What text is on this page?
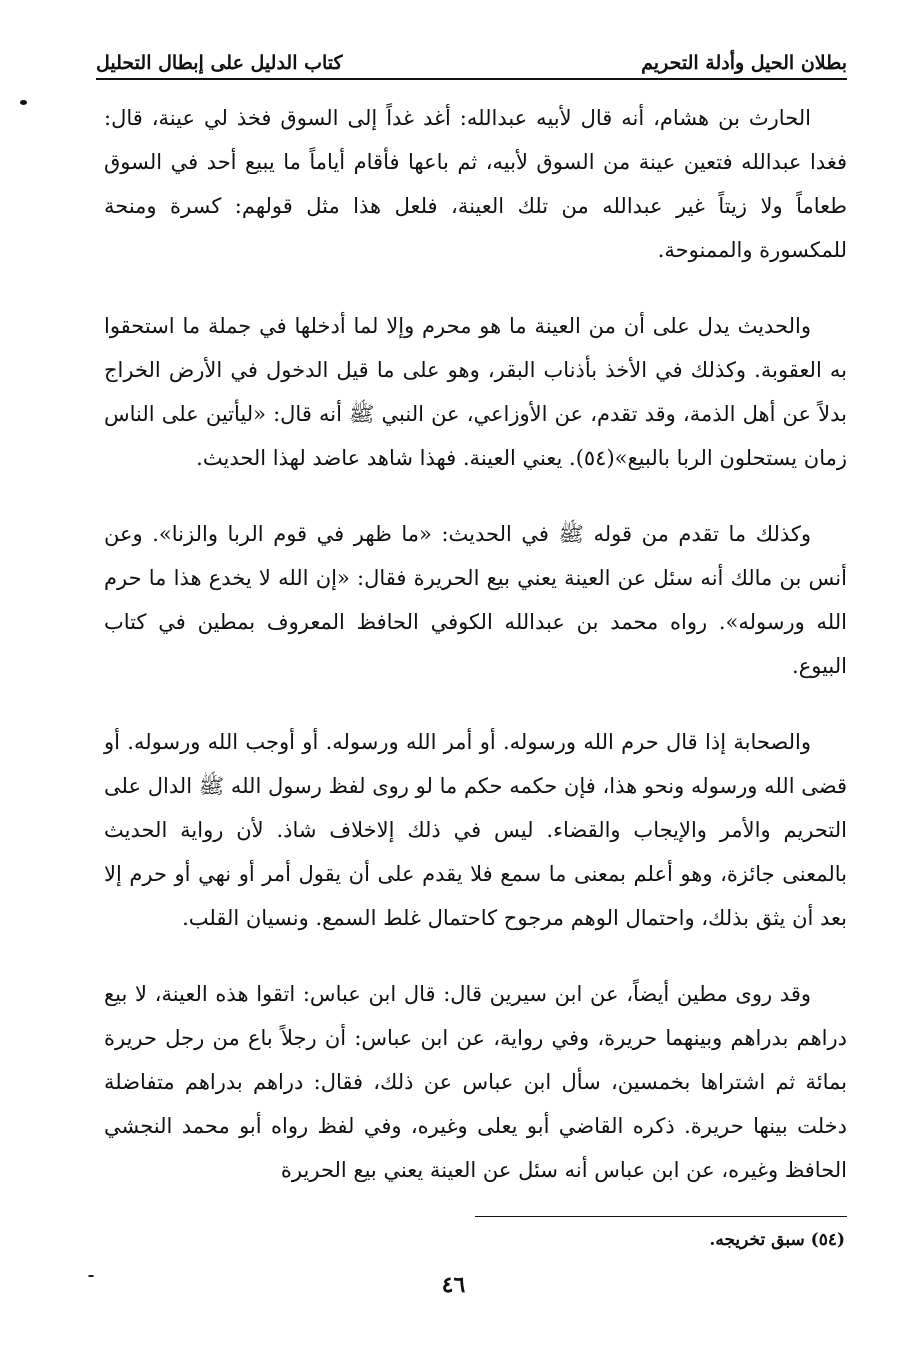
بطلان الحيل وأدلة التحريم
كتاب الدليل على إبطال التحليل

الحارث بن هشام، أنه قال لأبيه عبدالله: أغد غداً إلى السوق فخذ لي عينة، قال: فغدا عبدالله فتعين عينة من السوق لأبيه، ثم باعها فأقام أياماً ما يبيع أحد في السوق طعاماً ولا زيتاً غير عبدالله من تلك العينة، فلعل هذا مثل قولهم: كسرة ومنحة للمكسورة والممنوحة.

والحديث يدل على أن من العينة ما هو محرم وإلا لما أدخلها في جملة ما استحقوا به العقوبة. وكذلك في الأخذ بأذناب البقر، وهو على ما قيل الدخول في الأرض الخراج بدلاً عن أهل الذمة، وقد تقدم، عن الأوزاعي، عن النبي ﷺ أنه قال: «ليأتين على الناس زمان يستحلون الربا بالبيع»(٥٤). يعني العينة. فهذا شاهد عاضد لهذا الحديث.

وكذلك ما تقدم من قوله ﷺ في الحديث: «ما ظهر في قوم الربا والزنا». وعن أنس بن مالك أنه سئل عن العينة يعني بيع الحريرة فقال: «إن الله لا يخدع هذا ما حرم الله ورسوله». رواه محمد بن عبدالله الكوفي الحافظ المعروف بمطين في كتاب البيوع.

والصحابة إذا قال حرم الله ورسوله. أو أمر الله ورسوله. أو أوجب الله ورسوله. أو قضى الله ورسوله ونحو هذا، فإن حكمه حكم ما لو روى لفظ رسول الله ﷺ الدال على التحريم والأمر والإيجاب والقضاء. ليس في ذلك إلاخلاف شاذ. لأن رواية الحديث بالمعنى جائزة، وهو أعلم بمعنى ما سمع فلا يقدم على أن يقول أمر أو نهي أو حرم إلا بعد أن يثق بذلك، واحتمال الوهم مرجوح كاحتمال غلط السمع. ونسيان القلب.

وقد روى مطين أيضاً، عن ابن سيرين قال: قال ابن عباس: اتقوا هذه العينة، لا بيع دراهم بدراهم وبينهما حريرة، وفي رواية، عن ابن عباس: أن رجلاً باع من رجل حريرة بمائة ثم اشتراها بخمسين، سأل ابن عباس عن ذلك، فقال: دراهم بدراهم متفاضلة دخلت بينها حريرة. ذكره القاضي أبو يعلى وغيره، وفي لفظ رواه أبو محمد النجشي الحافظ وغيره، عن ابن عباس أنه سئل عن العينة يعني بيع الحريرة

(٥٤) سبق تخريجه.
٤٦
